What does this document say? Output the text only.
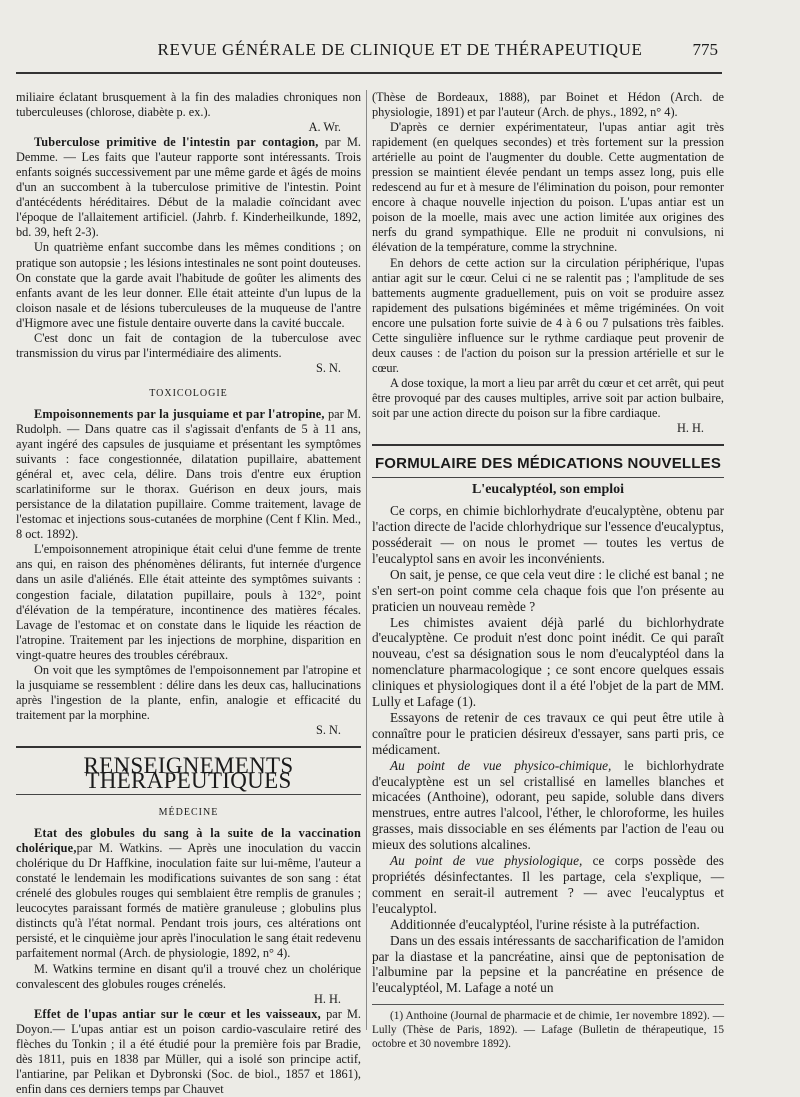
REVUE GÉNÉRALE DE CLINIQUE ET DE THÉRAPEUTIQUE	775

miliaire éclatant brusquement à la fin des maladies chroniques non tuberculeuses (chlorose, diabète p. ex.).

A. Wr.

Tuberculose primitive de l'intestin par contagion, par M. Demme. — Les faits que l'auteur rapporte sont intéressants. Trois enfants soignés successivement par une même garde et âgés de moins d'un an succombent à la tuberculose primitive de l'intestin. Point d'antécédents héréditaires. Début de la maladie coïncidant avec l'époque de l'allaitement artificiel. (Jahrb. f. Kinderheilkunde, 1892, bd. 39, heft 2-3).

Un quatrième enfant succombe dans les mêmes conditions ; on pratique son autopsie ; les lésions intestinales ne sont point douteuses. On constate que la garde avait l'habitude de goûter les aliments des enfants avant de les leur donner. Elle était atteinte d'un lupus de la cloison nasale et de lésions tuberculeuses de la muqueuse de l'antre d'Higmore avec une fistule dentaire ouverte dans la cavité buccale.

C'est donc un fait de contagion de la tuberculose avec transmission du virus par l'intermédiaire des aliments.

S. N.

TOXICOLOGIE

Empoisonnements par la jusquiame et par l'atropine, par M. Rudolph. — Dans quatre cas il s'agissait d'enfants de 5 à 11 ans, ayant ingéré des capsules de jusquiame et présentant les symptômes suivants : face congestionnée, dilatation pupillaire, abattement général et, avec cela, délire. Dans trois d'entre eux éruption scarlatiniforme sur le thorax. Guérison en deux jours, mais persistance de la dilatation pupillaire. Comme traitement, lavage de l'estomac et injections sous-cutanées de morphine (Cent f Klin. Med., 8 oct. 1892).

L'empoisonnement atropinique était celui d'une femme de trente ans qui, en raison des phénomènes délirants, fut internée d'urgence dans un asile d'aliénés. Elle était atteinte des symptômes suivants : congestion faciale, dilatation pupillaire, pouls à 132°, point d'élévation de la température, incontinence des matières fécales. Lavage de l'estomac et on constate dans le liquide les réaction de l'atropine. Traitement par les injections de morphine, disparition en vingt-quatre heures des troubles cérébraux.

On voit que les symptômes de l'empoisonnement par l'atropine et la jusquiame se ressemblent : délire dans les deux cas, hallucinations après l'ingestion de la plante, enfin, analogie et efficacité du traitement par la morphine.

S. N.

RENSEIGNEMENTS THÉRAPEUTIQUES
MÉDECINE

Etat des globules du sang à la suite de la vaccination cholérique,par M. Watkins. — Après une inoculation du vaccin cholérique du Dr Haffkine, inoculation faite sur lui-même, l'auteur a constaté le lendemain les modifications suivantes de son sang : état crénelé des globules rouges qui semblaient être remplis de granules ; leucocytes paraissant formés de matière granuleuse ; globulins plus distincts qu'à l'état normal. Pendant trois jours, ces altérations ont persisté, et le cinquième jour après l'inoculation le sang était redevenu parfaitement normal (Arch. de physiologie, 1892, n° 4).

M. Watkins termine en disant qu'il a trouvé chez un cholérique convalescent des globules rouges crénelés.

H. H.

Effet de l'upas antiar sur le cœur et les vaisseaux, par M. Doyon.— L'upas antiar est un poison cardio-vasculaire retiré des flèches du Tonkin ; il a été étudié pour la première fois par Bradie, dès 1811, puis en 1838 par Müller, qui a isolé son principe actif, l'antiarine, par Pelikan et Dybronski (Soc. de biol., 1857 et 1861), enfin dans ces derniers temps par Chauvet

(Thèse de Bordeaux, 1888), par Boinet et Hédon (Arch. de physiologie, 1891) et par l'auteur (Arch. de phys., 1892, n° 4).

D'après ce dernier expérimentateur, l'upas antiar agit très rapidement (en quelques secondes) et très fortement sur la pression artérielle au point de l'augmenter du double. Cette augmentation de pression se maintient élevée pendant un temps assez long, puis elle redescend au fur et à mesure de l'élimination du poison, pour remonter encore à chaque nouvelle injection du poison. L'upas antiar est un poison de la moelle, mais avec une action limitée aux origines des nerfs du grand sympathique. Elle ne produit ni convulsions, ni élévation de la température, comme la strychnine.

En dehors de cette action sur la circulation périphérique, l'upas antiar agit sur le cœur. Celui ci ne se ralentit pas ; l'amplitude de ses battements augmente graduellement, puis on voit se produire assez rapidement des pulsations bigéminées et même trigéminées. On voit encore une pulsation forte suivie de 4 à 6 ou 7 pulsations très faibles. Cette singulière influence sur le rythme cardiaque peut provenir de deux causes : de l'action du poison sur la pression artérielle et sur le cœur.

A dose toxique, la mort a lieu par arrêt du cœur et cet arrêt, qui peut être provoqué par des causes multiples, arrive soit par action bulbaire, soit par une action directe du poison sur la fibre cardiaque.

H. H.

FORMULAIRE DES MÉDICATIONS NOUVELLES
L'eucalyptéol, son emploi

Ce corps, en chimie bichlorhydrate d'eucalyptène, obtenu par l'action directe de l'acide chlorhydrique sur l'essence d'eucalyptus, posséderait — on nous le promet — toutes les vertus de l'eucalyptol sans en avoir les inconvénients.

On sait, je pense, ce que cela veut dire : le cliché est banal ; ne s'en sert-on point comme cela chaque fois que l'on présente au praticien un nouveau remède ?

Les chimistes avaient déjà parlé du bichlorhydrate d'eucalyptène. Ce produit n'est donc point inédit. Ce qui paraît nouveau, c'est sa désignation sous le nom d'eucalyptéol dans la nomenclature pharmacologique ; ce sont encore quelques essais cliniques et physiologiques dont il a été l'objet de la part de MM. Lully et Lafage (1).

Essayons de retenir de ces travaux ce qui peut être utile à connaître pour le praticien désireux d'essayer, sans parti pris, ce médicament.

Au point de vue physico-chimique, le bichlorhydrate d'eucalyptène est un sel cristallisé en lamelles blanches et micacées (Anthoine), odorant, peu sapide, soluble dans divers menstrues, entre autres l'alcool, l'éther, le chloroforme, les huiles grasses, mais dissociable en ses éléments par l'action de l'eau ou mieux des solutions alcalines.

Au point de vue physiologique, ce corps possède des propriétés désinfectantes. Il les partage, cela s'explique, — comment en serait-il autrement ? — avec l'eucalyptus et l'eucalyptol.

Additionnée d'eucalyptéol, l'urine résiste à la putréfaction.

Dans un des essais intéressants de saccharification de l'amidon par la diastase et la pancréatine, ainsi que de peptonisation de l'albumine par la pepsine et la pancréatine en présence de l'eucalyptéol, M. Lafage a noté un

(1) Anthoine (Journal de pharmacie et de chimie, 1er novembre 1892). — Lully (Thèse de Paris, 1892). — Lafage (Bulletin de thérapeutique, 15 octobre et 30 novembre 1892).
